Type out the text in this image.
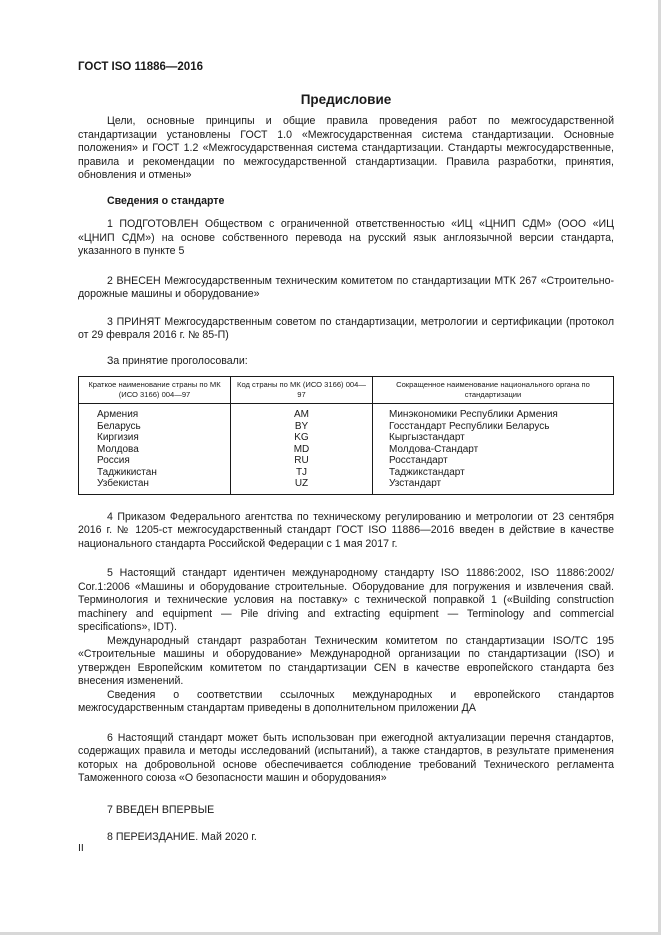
ГОСТ ISO 11886—2016
Предисловие

Цели, основные принципы и общие правила проведения работ по межгосударственной стандартизации установлены ГОСТ 1.0 «Межгосударственная система стандартизации. Основные положения» и ГОСТ 1.2 «Межгосударственная система стандартизации. Стандарты межгосударственные, правила и рекомендации по межгосударственной стандартизации. Правила разработки, принятия, обновления и отмены»

Сведения о стандарте

1 ПОДГОТОВЛЕН Обществом с ограниченной ответственностью «ИЦ «ЦНИП СДМ» (ООО «ИЦ «ЦНИП СДМ») на основе собственного перевода на русский язык англоязычной версии стандарта, указанного в пункте 5

2 ВНЕСЕН Межгосударственным техническим комитетом по стандартизации МТК 267 «Строительно-дорожные машины и оборудование»

3 ПРИНЯТ Межгосударственным советом по стандартизации, метрологии и сертификации (протокол от 29 февраля 2016 г. № 85-П)

За принятие проголосовали:

Краткое наименование страны по МК (ИСО 3166) 004—97	Код страны по МК (ИСО 3166) 004—97	Сокращенное наименование национального органа по стандартизации
Армения	AM	Минэкономики Республики Армения
Беларусь	BY	Госстандарт Республики Беларусь
Киргизия	KG	Кыргызстандарт
Молдова	MD	Молдова-Стандарт
Россия	RU	Росстандарт
Таджикистан	TJ	Таджикстандарт
Узбекистан	UZ	Узстандарт

4 Приказом Федерального агентства по техническому регулированию и метрологии от 23 сентября 2016 г. № 1205-ст межгосударственный стандарт ГОСТ ISO 11886—2016 введен в действие в качестве национального стандарта Российской Федерации с 1 мая 2017 г.

5 Настоящий стандарт идентичен международному стандарту ISO 11886:2002, ISO 11886:2002/ Cor.1:2006 «Машины и оборудование строительные. Оборудование для погружения и извлечения свай. Терминология и технические условия на поставку» с технической поправкой 1 («Building construction machinery and equipment — Pile driving and extracting equipment — Terminology and commercial specifications», IDT).

Международный стандарт разработан Техническим комитетом по стандартизации ISO/TC 195 «Строительные машины и оборудование» Международной организации по стандартизации (ISO) и утвержден Европейским комитетом по стандартизации CEN в качестве европейского стандарта без внесения изменений.

Сведения о соответствии ссылочных международных и европейского стандартов межгосударственным стандартам приведены в дополнительном приложении ДА

6 Настоящий стандарт может быть использован при ежегодной актуализации перечня стандартов, содержащих правила и методы исследований (испытаний), а также стандартов, в результате применения которых на добровольной основе обеспечивается соблюдение требований Технического регламента Таможенного союза «О безопасности машин и оборудования»

7 ВВЕДЕН ВПЕРВЫЕ

8 ПЕРЕИЗДАНИЕ. Май 2020 г.

II
